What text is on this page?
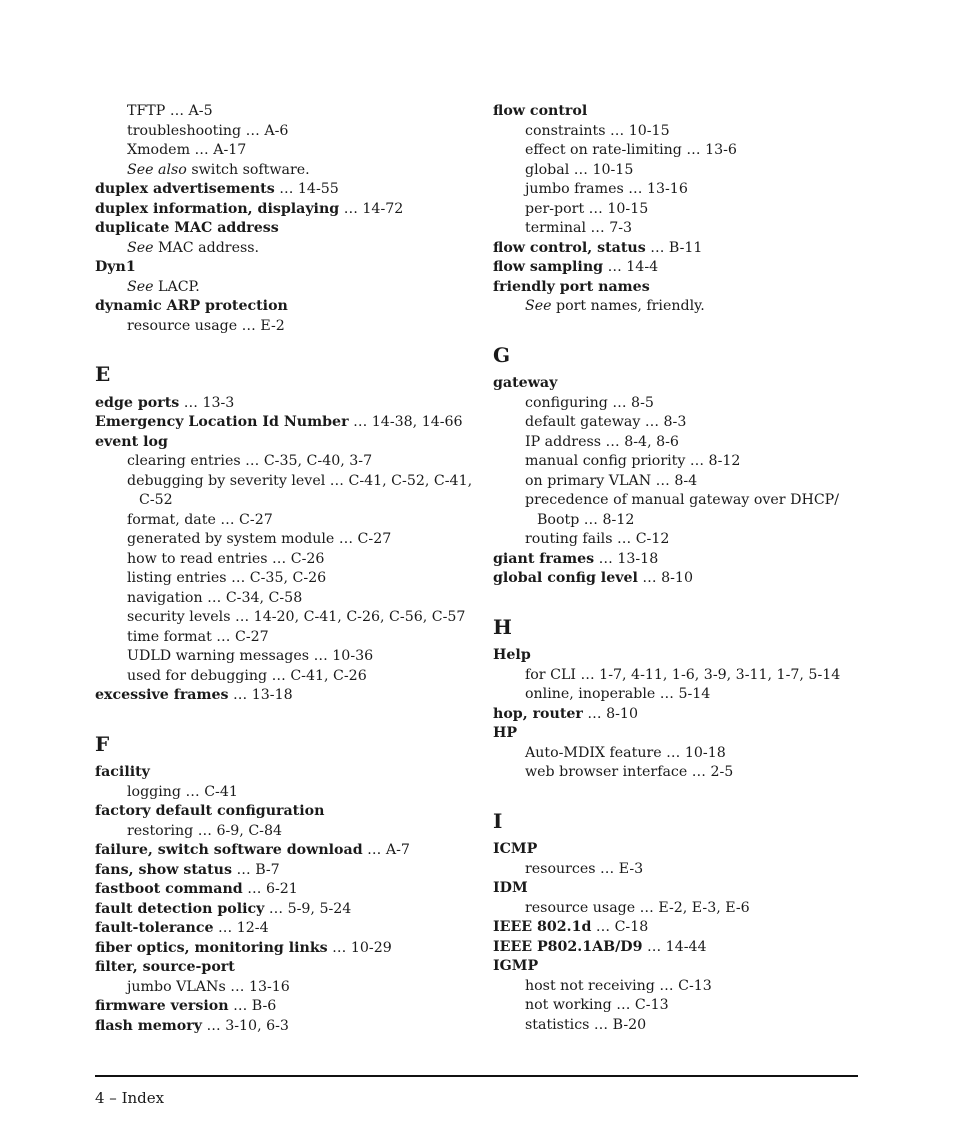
TFTP … A-5
troubleshooting … A-6
Xmodem … A-17
See also switch software.
duplex advertisements … 14-55
duplex information, displaying … 14-72
duplicate MAC address
See MAC address.
Dyn1
See LACP.
dynamic ARP protection
resource usage … E-2
E
edge ports … 13-3
Emergency Location Id Number … 14-38, 14-66
event log
clearing entries … C-35, C-40, 3-7
debugging by severity level … C-41, C-52, C-41,
C-52
format, date … C-27
generated by system module … C-27
how to read entries … C-26
listing entries … C-35, C-26
navigation … C-34, C-58
security levels … 14-20, C-41, C-26, C-56, C-57
time format … C-27
UDLD warning messages … 10-36
used for debugging … C-41, C-26
excessive frames … 13-18
F
facility
logging … C-41
factory default configuration
restoring … 6-9, C-84
failure, switch software download … A-7
fans, show status … B-7
fastboot command … 6-21
fault detection policy … 5-9, 5-24
fault-tolerance … 12-4
fiber optics, monitoring links … 10-29
filter, source-port
jumbo VLANs … 13-16
firmware version … B-6
flash memory … 3-10, 6-3
flow control
constraints … 10-15
effect on rate-limiting … 13-6
global … 10-15
jumbo frames … 13-16
per-port … 10-15
terminal … 7-3
flow control, status … B-11
flow sampling … 14-4
friendly port names
See port names, friendly.
G
gateway
configuring … 8-5
default gateway … 8-3
IP address … 8-4, 8-6
manual config priority … 8-12
on primary VLAN … 8-4
precedence of manual gateway over DHCP/
Bootp … 8-12
routing fails … C-12
giant frames … 13-18
global config level … 8-10
H
Help
for CLI … 1-7, 4-11, 1-6, 3-9, 3-11, 1-7, 5-14
online, inoperable … 5-14
hop, router … 8-10
HP
Auto-MDIX feature … 10-18
web browser interface … 2-5
I
ICMP
resources … E-3
IDM
resource usage … E-2, E-3, E-6
IEEE 802.1d … C-18
IEEE P802.1AB/D9 … 14-44
IGMP
host not receiving … C-13
not working … C-13
statistics … B-20
4 – Index
